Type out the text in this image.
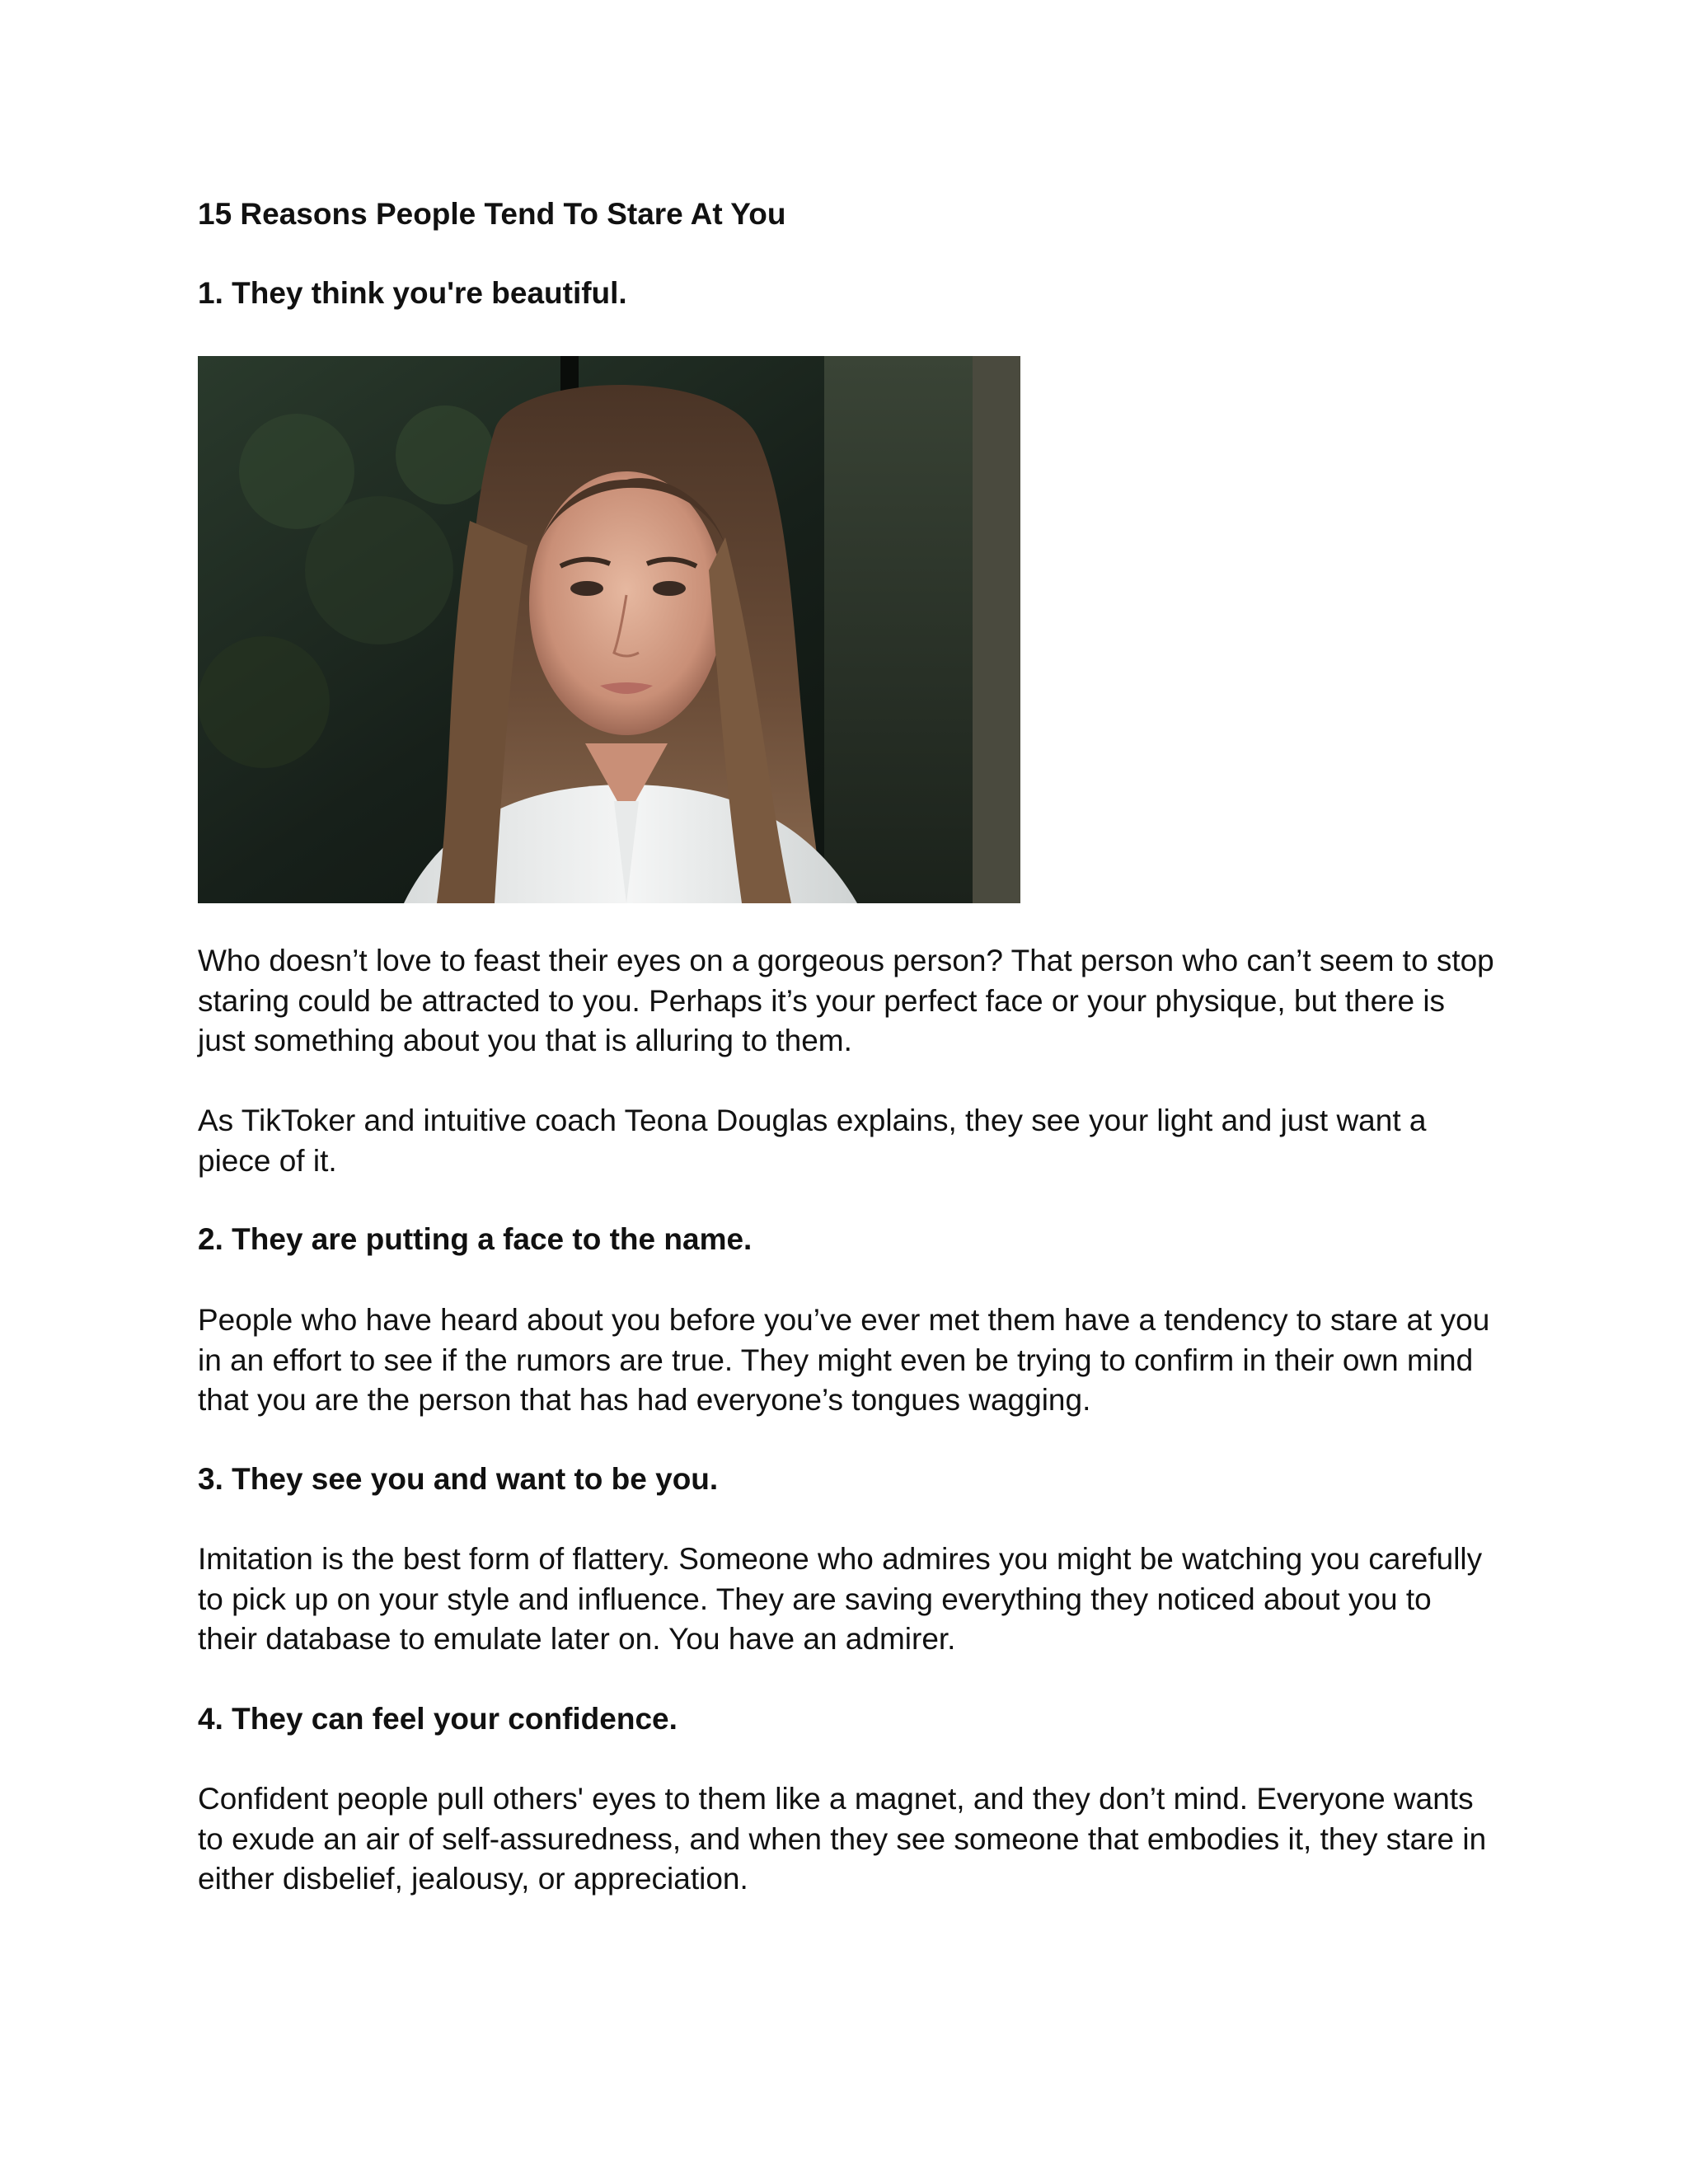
15 Reasons People Tend To Stare At You
1. They think you're beautiful.

Who doesn’t love to feast their eyes on a gorgeous person? That person who can’t seem to stop
staring could be attracted to you. Perhaps it’s your perfect face or your physique, but there is
just something about you that is alluring to them.

As TikToker and intuitive coach Teona Douglas explains, they see your light and just want a
piece of it.

2. They are putting a face to the name.

People who have heard about you before you’ve ever met them have a tendency to stare at you
in an effort to see if the rumors are true. They might even be trying to confirm in their own mind
that you are the person that has had everyone’s tongues wagging.

3. They see you and want to be you.

Imitation is the best form of flattery. Someone who admires you might be watching you carefully
to pick up on your style and influence. They are saving everything they noticed about you to
their database to emulate later on. You have an admirer.

4. They can feel your confidence.

Confident people pull others' eyes to them like a magnet, and they don’t mind. Everyone wants
to exude an air of self-assuredness, and when they see someone that embodies it, they stare in
either disbelief, jealousy, or appreciation.
